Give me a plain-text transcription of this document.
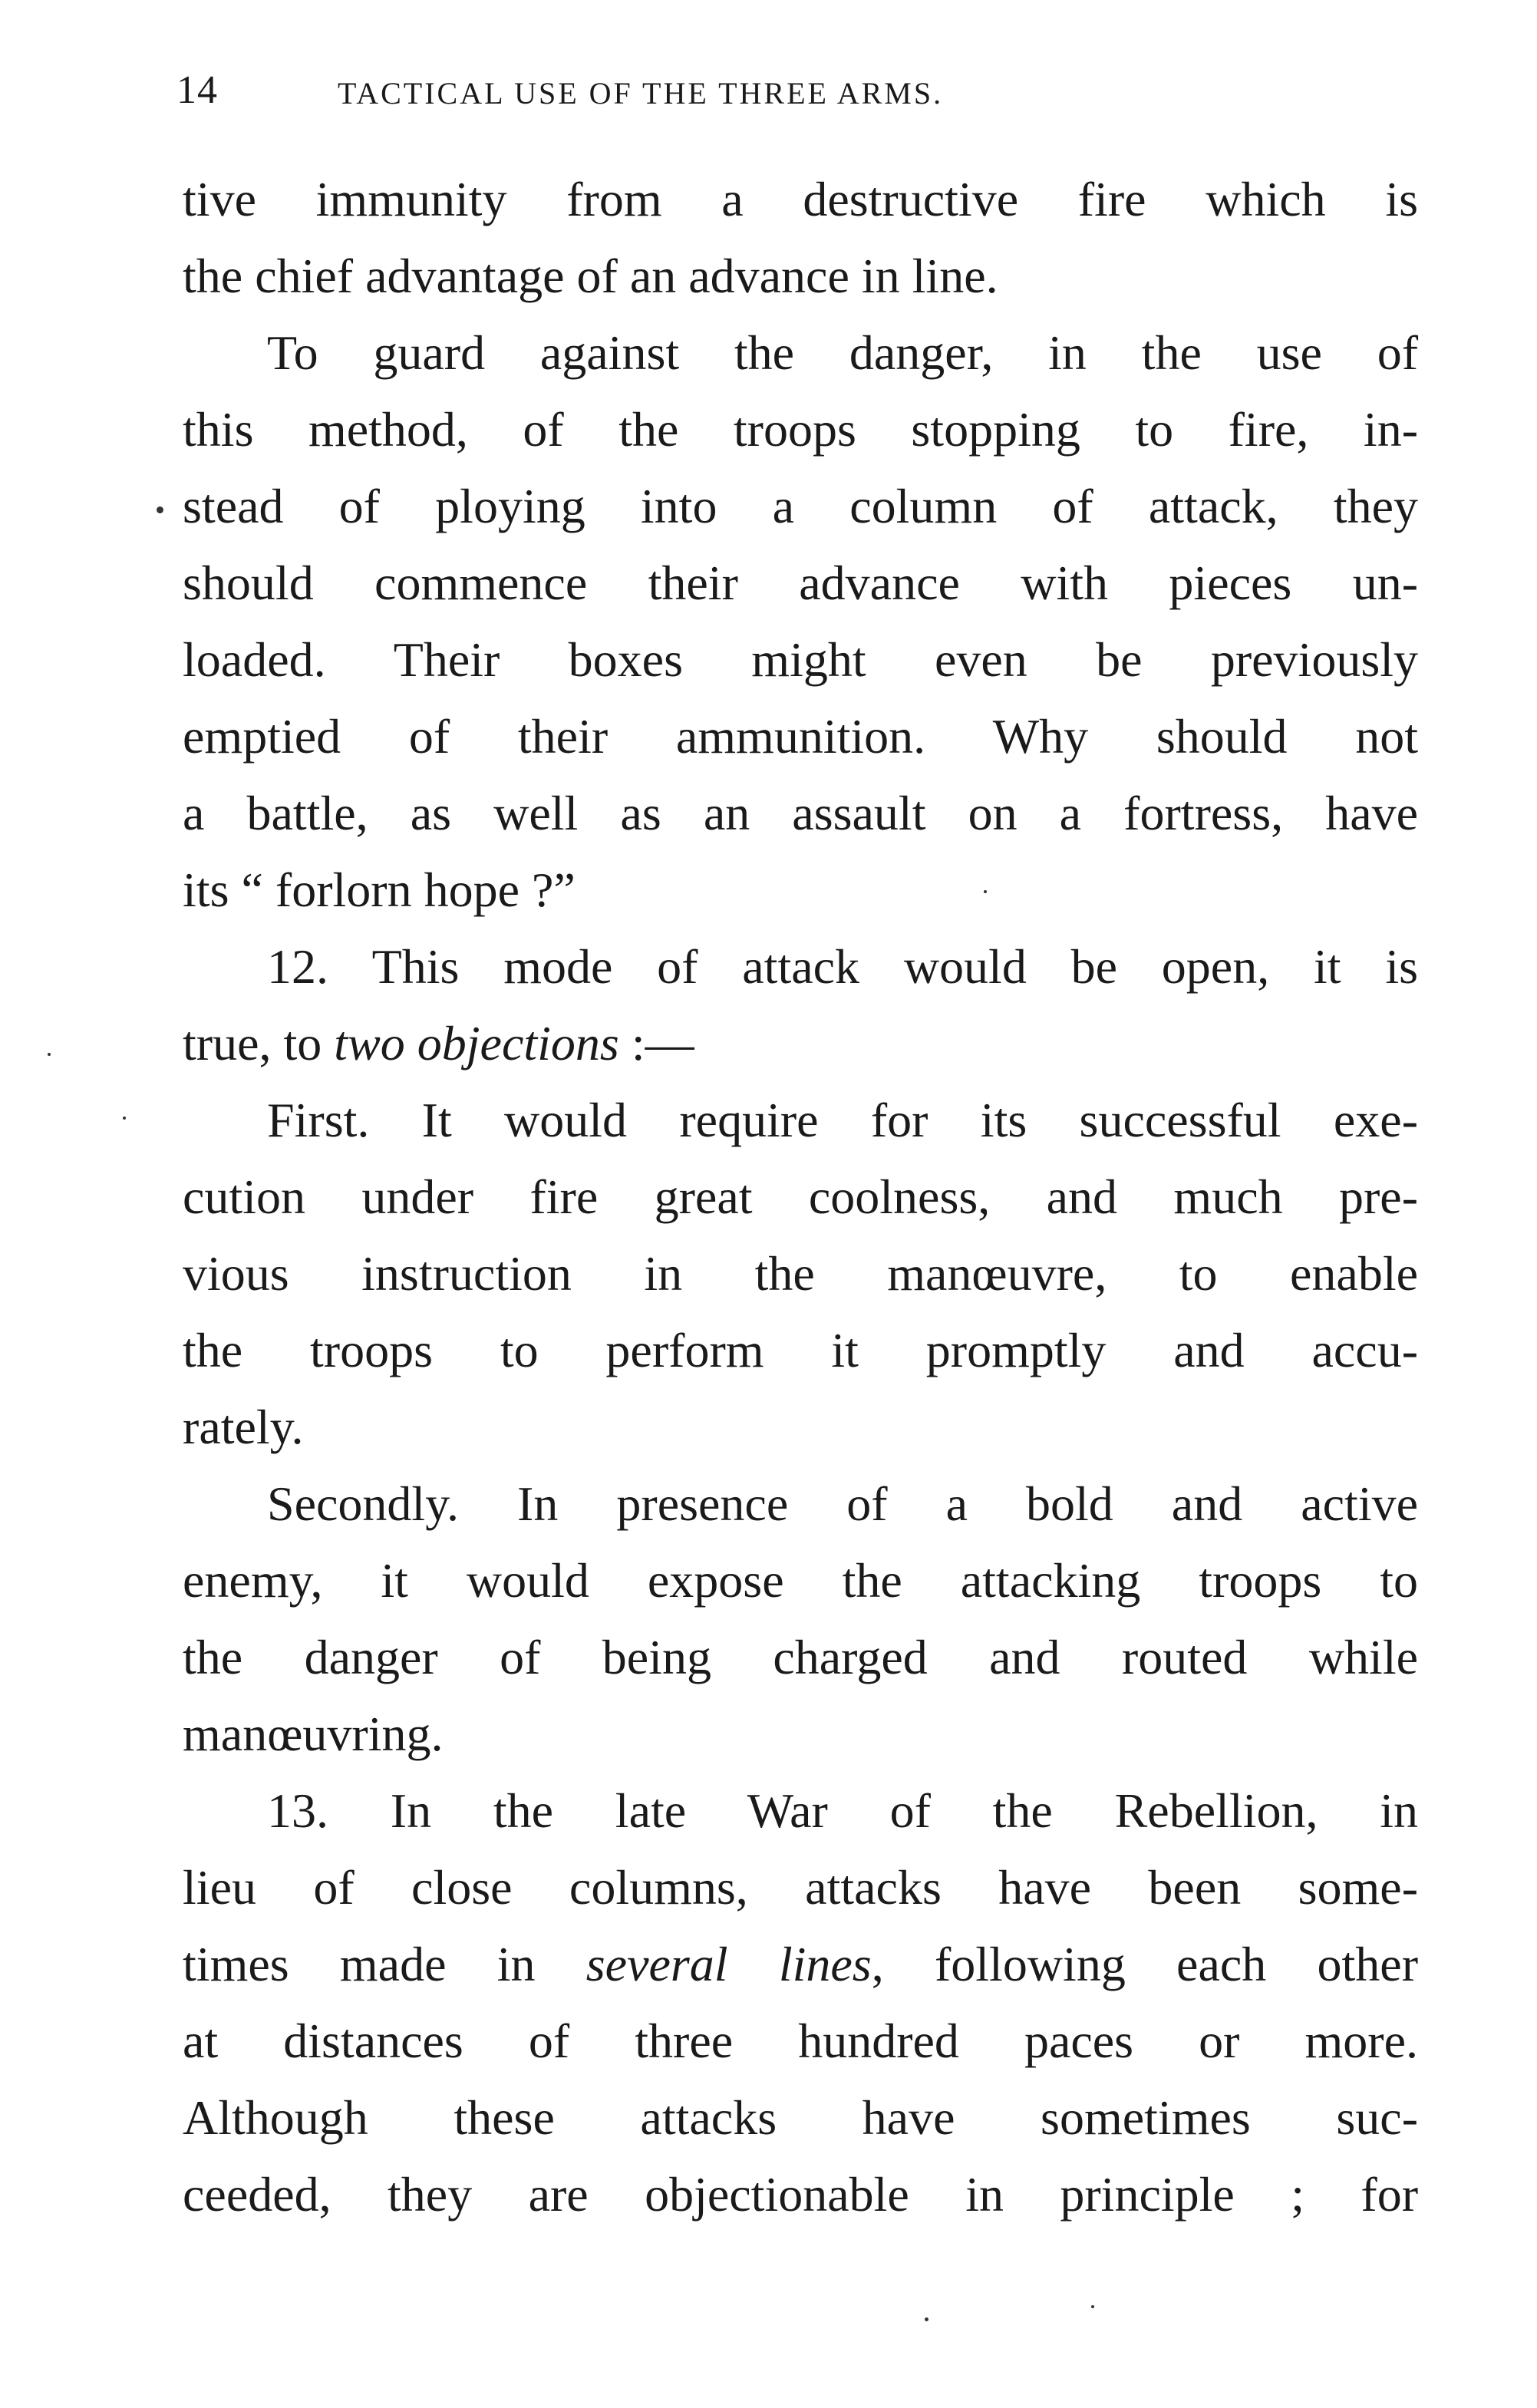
14	TACTICAL USE OF THE THREE ARMS.
tive immunity from a destructive fire which is
the chief advantage of an advance in line.
To guard against the danger, in the use of
this method, of the troops stopping to fire, in-
stead of ploying into a column of attack, they
should commence their advance with pieces un-
loaded. Their boxes might even be previously
emptied of their ammunition. Why should not
a battle, as well as an assault on a fortress, have
its “ forlorn hope ?”
12. This mode of attack would be open, it is
true, to two objections :—
First. It would require for its successful exe-
cution under fire great coolness, and much pre-
vious instruction in the manœuvre, to enable
the troops to perform it promptly and accu-
rately.
Secondly. In presence of a bold and active
enemy, it would expose the attacking troops to
the danger of being charged and routed while
manœuvring.
13. In the late War of the Rebellion, in
lieu of close columns, attacks have been some-
times made in several lines, following each other
at distances of three hundred paces or more.
Although these attacks have sometimes suc-
ceeded, they are objectionable in principle ; for
